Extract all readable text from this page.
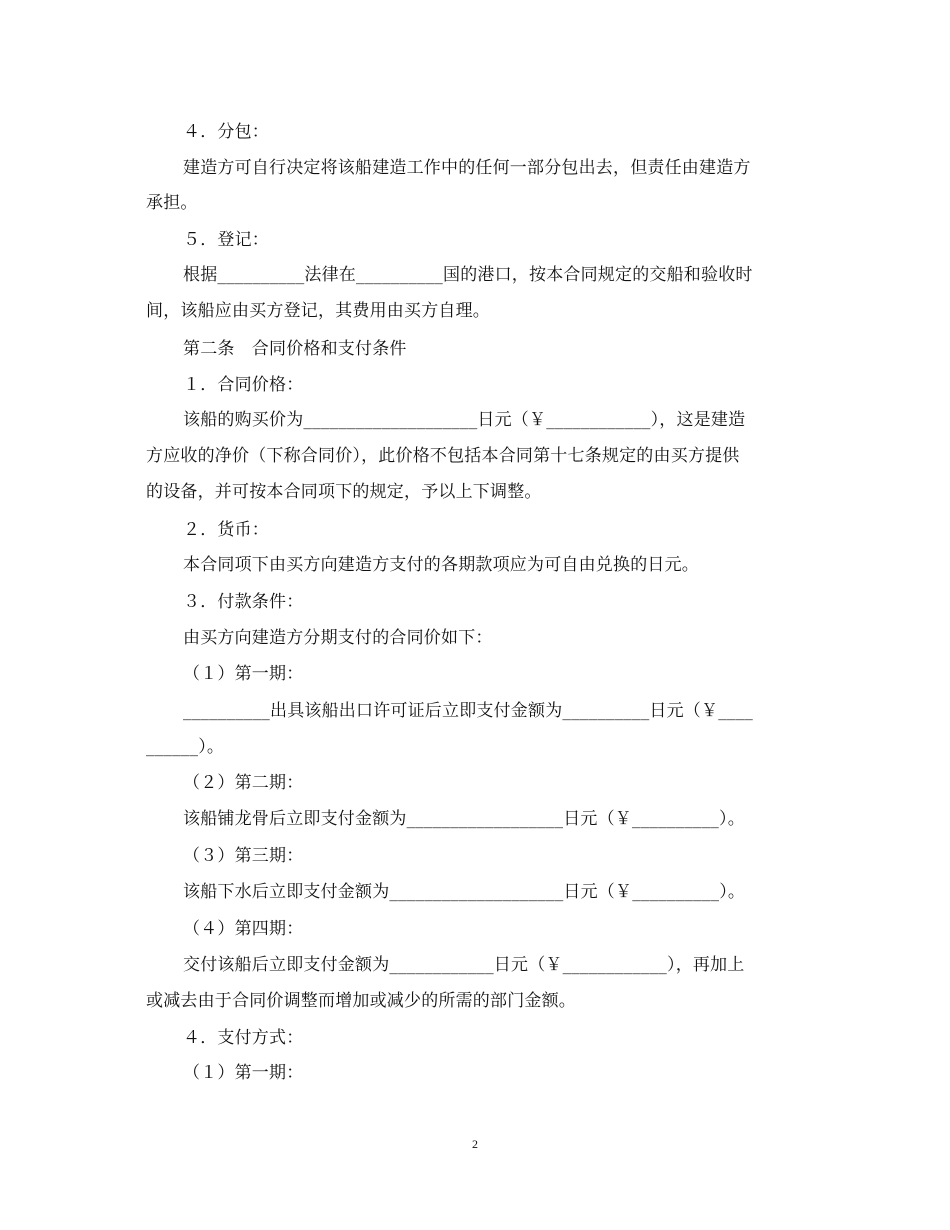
４．分包：
建造方可自行决定将该船建造工作中的任何一部分包出去，但责任由建造方
承担。
５．登记：
根据__________法律在__________国的港口，按本合同规定的交船和验收时
间，该船应由买方登记，其费用由买方自理。
第二条　合同价格和支付条件
１．合同价格：
该船的购买价为____________________日元（￥____________），这是建造
方应收的净价（下称合同价），此价格不包括本合同第十七条规定的由买方提供
的设备，并可按本合同项下的规定，予以上下调整。
２．货币：
本合同项下由买方向建造方支付的各期款项应为可自由兑换的日元。
３．付款条件：
由买方向建造方分期支付的合同价如下：
（１）第一期：
__________出具该船出口许可证后立即支付金额为__________日元（￥____
______）。
（２）第二期：
该船铺龙骨后立即支付金额为__________________日元（￥__________）。
（３）第三期：
该船下水后立即支付金额为____________________日元（￥__________）。
（４）第四期：
交付该船后立即支付金额为____________日元（￥____________），再加上
或减去由于合同价调整而增加或减少的所需的部门金额。
４．支付方式：
（１）第一期：
2
